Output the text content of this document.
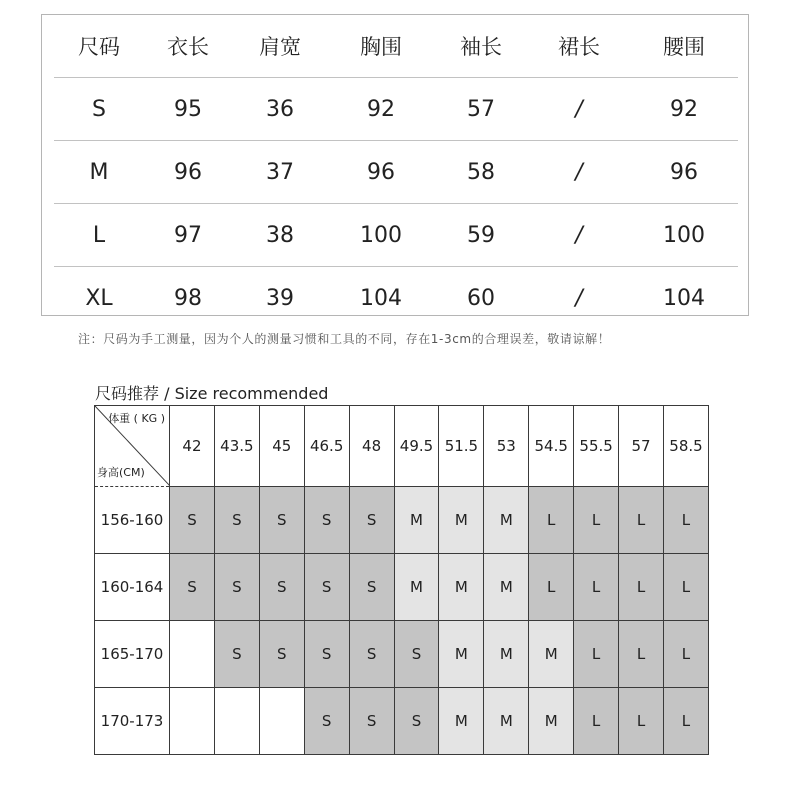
尺码	衣长	肩宽	胸围	袖长	裙长	腰围
S	95	36	92	57	/	92
M	96	37	96	58	/	96
L	97	38	100	59	/	100
XL	98	39	104	60	/	104
注：尺码为手工测量，因为个人的测量习惯和工具的不同，存在1-3cm的合理误差，敬请谅解！
尺码推荐 / Size recommended
体重 ( KG )
身高(CM)	42	43.5	45	46.5	48	49.5	51.5	53	54.5	55.5	57	58.5
156-160	S	S	S	S	S	M	M	M	L	L	L	L
160-164	S	S	S	S	S	M	M	M	L	L	L	L
165-170		S	S	S	S	S	M	M	M	L	L	L
170-173				S	S	S	M	M	M	L	L	L
